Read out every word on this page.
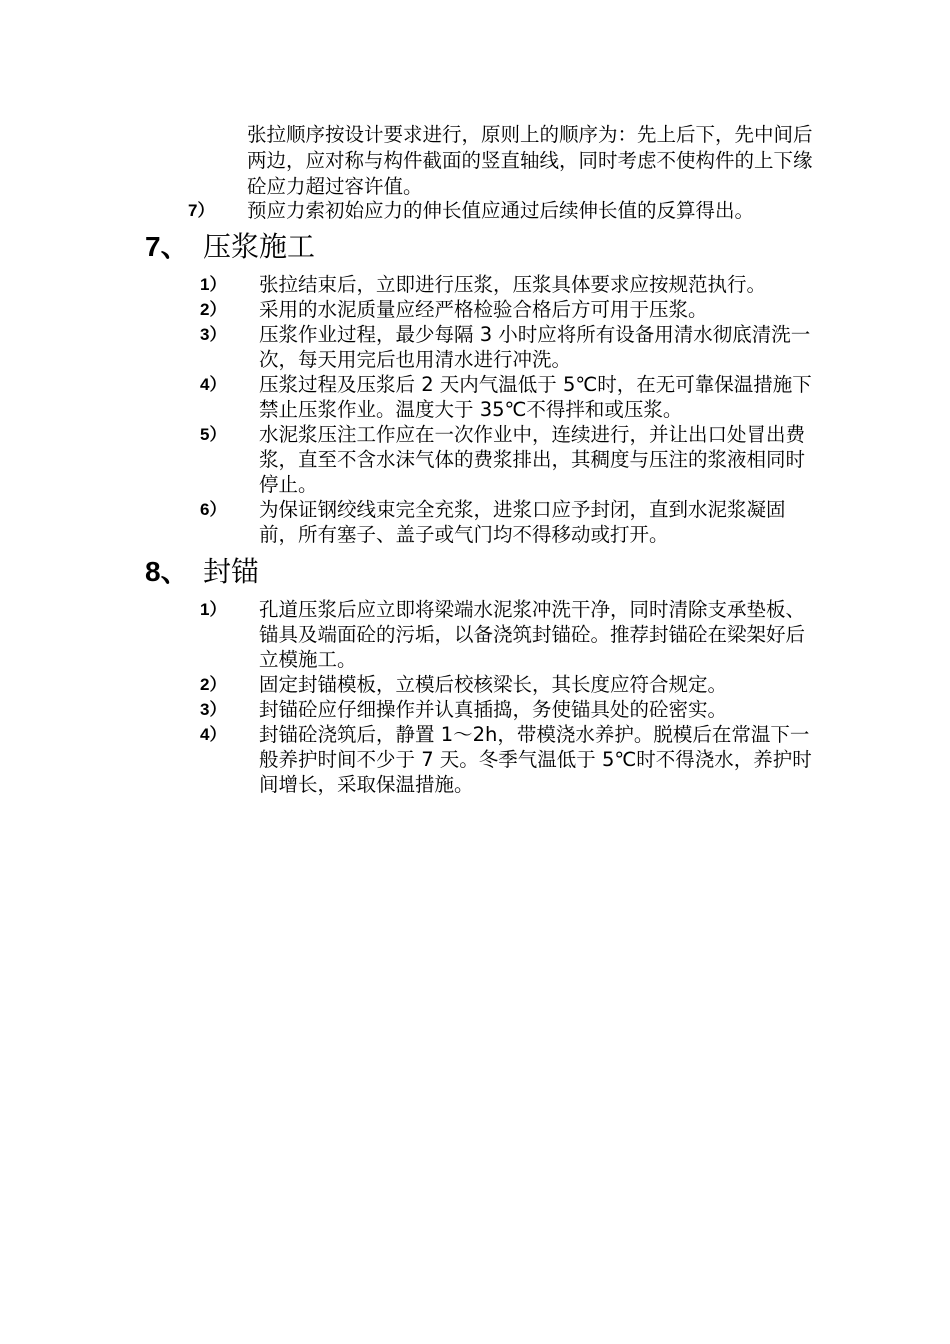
张拉顺序按设计要求进行，原则上的顺序为：先上后下，先中间后两边，应对称与构件截面的竖直轴线，同时考虑不使构件的上下缘砼应力超过容许值。
7） 预应力索初始应力的伸长值应通过后续伸长值的反算得出。
7、 压浆施工
1） 张拉结束后，立即进行压浆，压浆具体要求应按规范执行。
2） 采用的水泥质量应经严格检验合格后方可用于压浆。
3） 压浆作业过程，最少每隔 3 小时应将所有设备用清水彻底清洗一次，每天用完后也用清水进行冲洗。
4） 压浆过程及压浆后 2 天内气温低于 5℃时，在无可靠保温措施下禁止压浆作业。温度大于 35℃不得拌和或压浆。
5） 水泥浆压注工作应在一次作业中，连续进行，并让出口处冒出费浆，直至不含水沫气体的费浆排出，其稠度与压注的浆液相同时停止。
6） 为保证钢绞线束完全充浆，进浆口应予封闭，直到水泥浆凝固前，所有塞子、盖子或气门均不得移动或打开。
8、 封锚
1） 孔道压浆后应立即将梁端水泥浆冲洗干净，同时清除支承垫板、锚具及端面砼的污垢，以备浇筑封锚砼。推荐封锚砼在梁架好后立模施工。
2） 固定封锚模板，立模后校核梁长，其长度应符合规定。
3） 封锚砼应仔细操作并认真插捣，务使锚具处的砼密实。
4） 封锚砼浇筑后，静置 1～2h，带模浇水养护。脱模后在常温下一般养护时间不少于 7 天。冬季气温低于 5℃时不得浇水，养护时间增长，采取保温措施。
